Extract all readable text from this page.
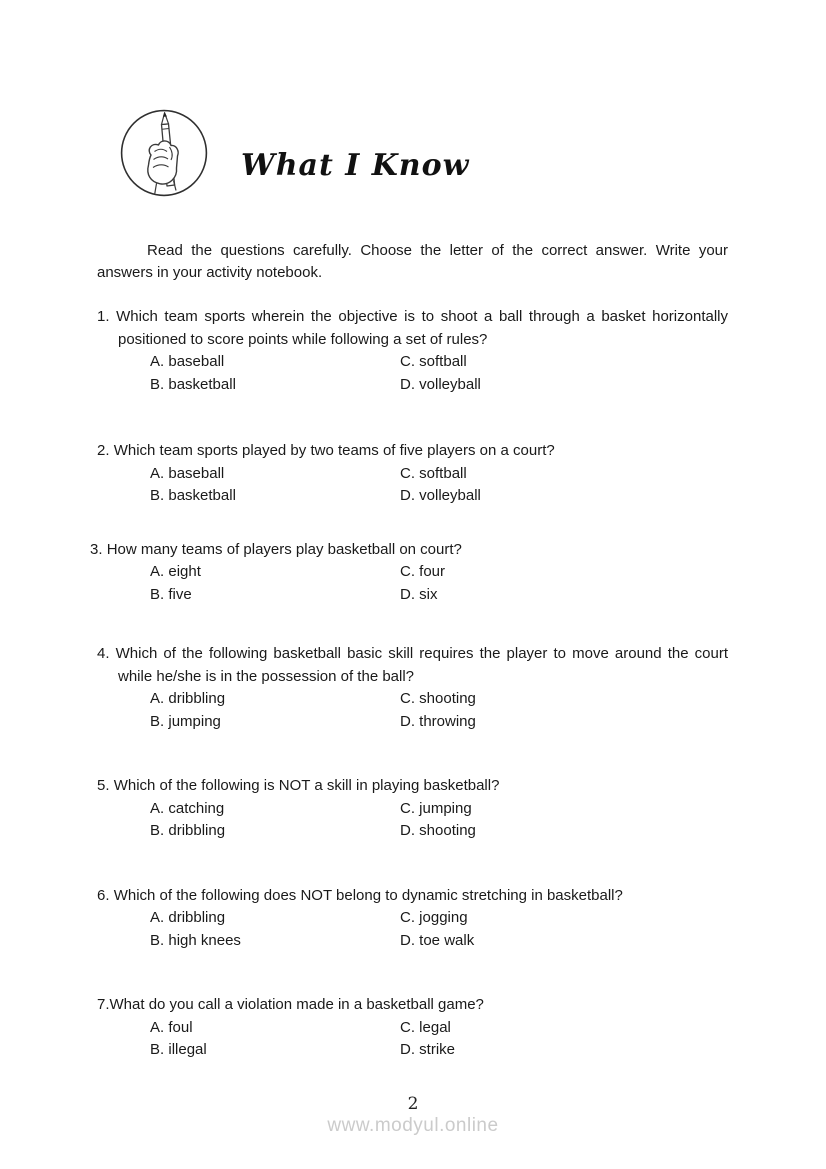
What I Know

Read the questions carefully. Choose the letter of the correct answer. Write your answers in your activity notebook.

1. Which team sports wherein the objective is to shoot a ball through a basket horizontally positioned to score points while following a set of rules?

A. baseball	C. softball
B. basketball	D. volleyball

2. Which team sports played by two teams of five players on a court?

A. baseball	C. softball
B. basketball	D. volleyball

3. How many teams of players play basketball on court?

A. eight	C. four
B. five	D. six

4. Which of the following basketball basic skill requires the player to move around the court while he/she is in the possession of the ball?

A. dribbling	C. shooting
B. jumping	D. throwing

5. Which of the following is NOT a skill in playing basketball?

A. catching	C. jumping
B. dribbling	D. shooting

6. Which of the following does NOT belong to dynamic stretching in basketball?

A. dribbling	C. jogging
B. high knees	D. toe walk

7.What do you call a violation made in a basketball game?

A. foul	C. legal
B. illegal	D. strike
2
www.modyul.online
